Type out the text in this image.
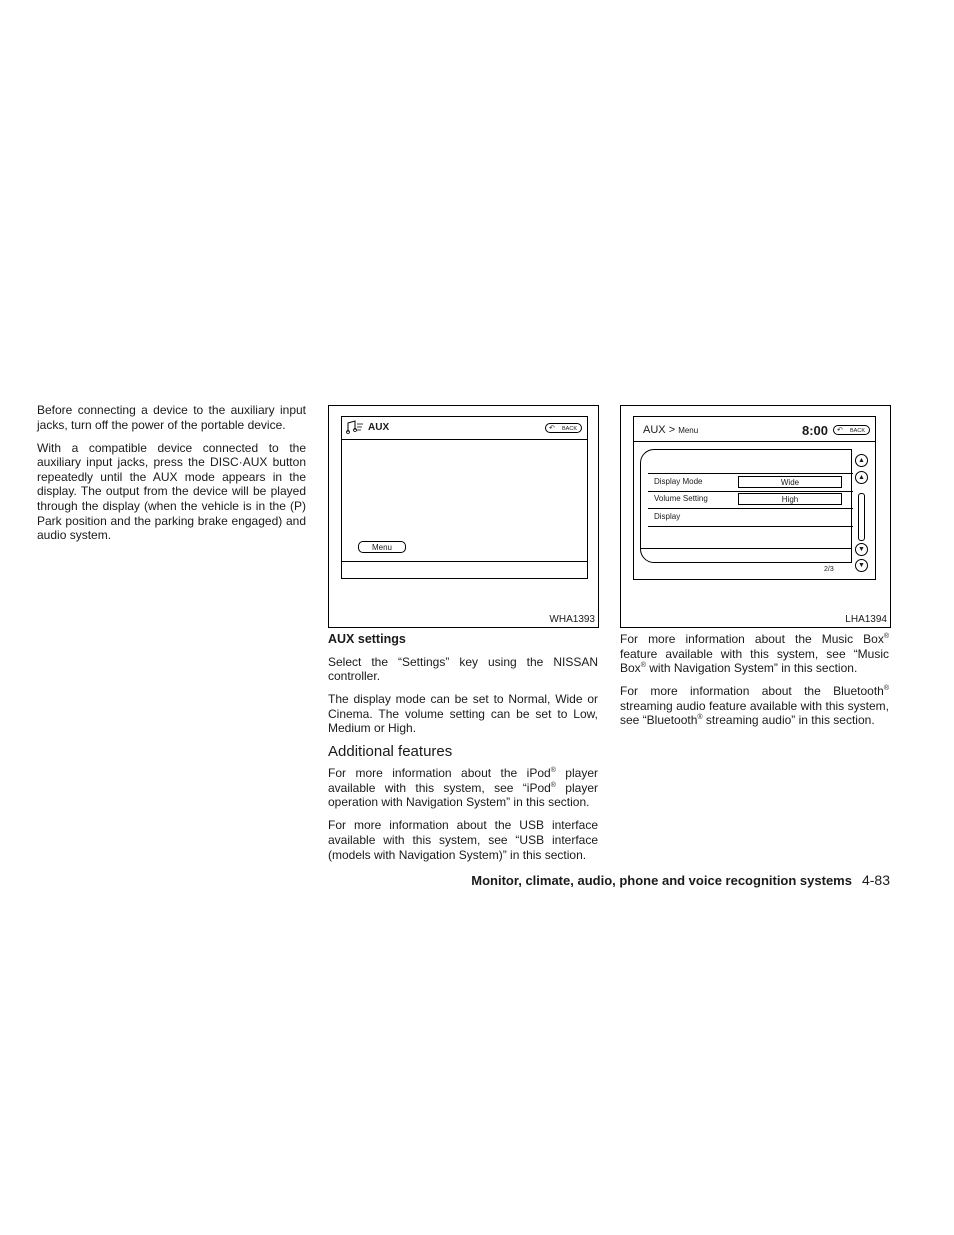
Before connecting a device to the auxiliary input jacks, turn off the power of the portable device.

With a compatible device connected to the auxiliary input jacks, press the DISC·AUX button repeatedly until the AUX mode appears in the display. The output from the device will be played through the display (when the vehicle is in the (P) Park position and the parking brake engaged) and audio system.

AUX	↶ BACK
Menu
WHA1393
AUX > Menu	8:00	↶ BACK
Display Mode	Wide
Volume Setting	High
Display
▲
▲
▼
▼
2/3
LHA1394
AUX settings

Select the “Settings” key using the NISSAN controller.

The display mode can be set to Normal, Wide or Cinema. The volume setting can be set to Low, Medium or High.

Additional features

For more information about the iPod® player available with this system, see “iPod® player operation with Navigation System” in this section.

For more information about the USB interface available with this system, see “USB interface (models with Navigation System)” in this section.

For more information about the Music Box® feature available with this system, see “Music Box® with Navigation System” in this section.

For more information about the Bluetooth® streaming audio feature available with this system, see “Bluetooth® streaming audio” in this section.

Monitor, climate, audio, phone and voice recognition systems 4-83
